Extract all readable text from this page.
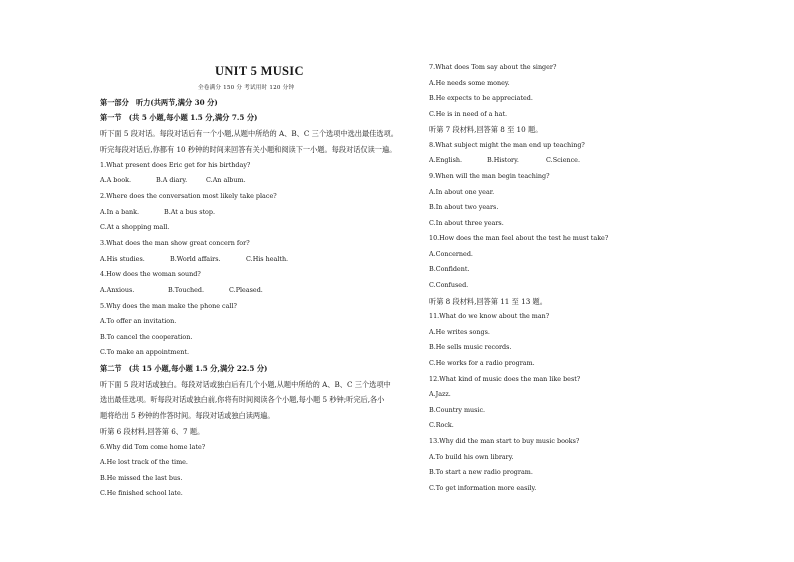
UNIT 5 MUSIC
全卷满分 150 分 考试用时 120 分钟
第一部分　听力(共两节,满分 30 分)
第一节　(共 5 小题,每小题 1.5 分,满分 7.5 分)
听下面 5 段对话。每段对话后有一个小题,从题中所给的 A、B、C 三个选项中选出最佳选项。
听完每段对话后,你都有 10 秒钟的时间来回答有关小题和阅读下一小题。每段对话仅读一遍。
1.What present does Eric get for his birthday?
A.A book.	B.A diary.	C.An album.
2.Where does the conversation most likely take place?
A.In a bank.	B.At a bus stop.
C.At a shopping mall.
3.What does the man show great concern for?
A.His studies.	B.World affairs.	C.His health.
4.How does the woman sound?
A.Anxious.	B.Touched.	C.Pleased.
5.Why does the man make the phone call?
A.To offer an invitation.
B.To cancel the cooperation.
C.To make an appointment.
第二节　(共 15 小题,每小题 1.5 分,满分 22.5 分)
听下面 5 段对话或独白。每段对话或独白后有几个小题,从题中所给的 A、B、C 三个选项中
选出最佳选项。听每段对话或独白前,你将有时间阅读各个小题,每小题 5 秒钟;听完后,各小
题将给出 5 秒钟的作答时间。每段对话或独白读两遍。
听第 6 段材料,回答第 6、7 题。
6.Why did Tom come home late?
A.He lost track of the time.
B.He missed the last bus.
C.He finished school late.
7.What does Tom say about the singer?
A.He needs some money.
B.He expects to be appreciated.
C.He is in need of a hat.
听第 7 段材料,回答第 8 至 10 题。
8.What subject might the man end up teaching?
A.English.	B.History.	C.Science.
9.When will the man begin teaching?
A.In about one year.
B.In about two years.
C.In about three years.
10.How does the man feel about the test he must take?
A.Concerned.
B.Confident.
C.Confused.
听第 8 段材料,回答第 11 至 13 题。
11.What do we know about the man?
A.He writes songs.
B.He sells music records.
C.He works for a radio program.
12.What kind of music does the man like best?
A.Jazz.
B.Country music.
C.Rock.
13.Why did the man start to buy music books?
A.To build his own library.
B.To start a new radio program.
C.To get information more easily.
